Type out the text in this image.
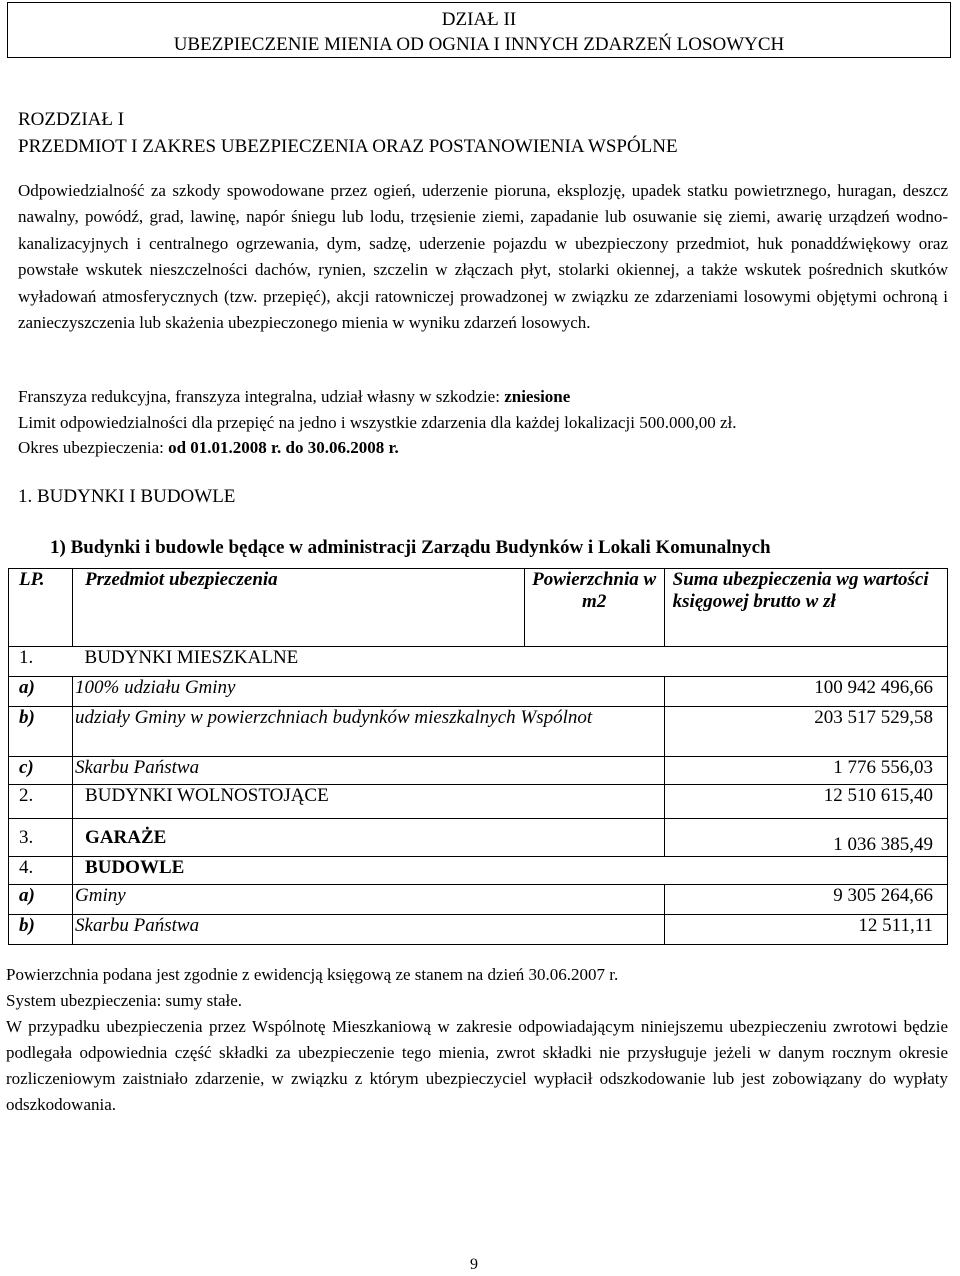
DZIAŁ II
UBEZPIECZENIE MIENIA OD OGNIA I INNYCH ZDARZEŃ LOSOWYCH
ROZDZIAŁ I
PRZEDMIOT I ZAKRES UBEZPIECZENIA ORAZ POSTANOWIENIA WSPÓLNE

Odpowiedzialność za szkody spowodowane przez ogień, uderzenie pioruna, eksplozję, upadek statku powietrznego, huragan, deszcz nawalny, powódź, grad, lawinę, napór śniegu lub lodu, trzęsienie ziemi, zapadanie lub osuwanie się ziemi, awarię urządzeń wodno-kanalizacyjnych i centralnego ogrzewania, dym, sadzę, uderzenie pojazdu w ubezpieczony przedmiot, huk ponaddźwiękowy oraz powstałe wskutek nieszczelności dachów, rynien, szczelin w złączach płyt, stolarki okiennej, a także wskutek pośrednich skutków wyładowań atmosferycznych (tzw. przepięć), akcji ratowniczej prowadzonej w związku ze zdarzeniami losowymi objętymi ochroną i zanieczyszczenia lub skażenia ubezpieczonego mienia w wyniku zdarzeń losowych.

Franszyza redukcyjna, franszyza integralna, udział własny w szkodzie: zniesione
Limit odpowiedzialności dla przepięć na jedno i wszystkie zdarzenia dla każdej lokalizacji 500.000,00 zł.
Okres ubezpieczenia: od 01.01.2008 r. do 30.06.2008 r.
1. BUDYNKI I BUDOWLE
1) Budynki i budowle będące w administracji Zarządu Budynków i Lokali Komunalnych
LP.	Przedmiot ubezpieczenia	Powierzchnia w m2	Suma ubezpieczenia wg wartości księgowej brutto w zł
1.	BUDYNKI MIESZKALNE		
a)	100% udziału Gminy		100 942 496,66
b)	udziały Gminy w powierzchniach budynków mieszkalnych Wspólnot		203 517 529,58
c)	Skarbu Państwa		1 776 556,03
2.	BUDYNKI WOLNOSTOJĄCE		12 510 615,40
3.	GARAŻE		1 036 385,49
4.	BUDOWLE		
a)	Gminy		9 305 264,66
b)	Skarbu Państwa		12 511,11

Powierzchnia podana jest zgodnie z ewidencją księgową ze stanem na dzień 30.06.2007 r.

System ubezpieczenia: sumy stałe.

W przypadku ubezpieczenia przez Wspólnotę Mieszkaniową w zakresie odpowiadającym niniejszemu ubezpieczeniu zwrotowi będzie podlegała odpowiednia część składki za ubezpieczenie tego mienia, zwrot składki nie przysługuje jeżeli w danym rocznym okresie rozliczeniowym zaistniało zdarzenie, w związku z którym ubezpieczyciel wypłacił odszkodowanie lub jest zobowiązany do wypłaty odszkodowania.

9
